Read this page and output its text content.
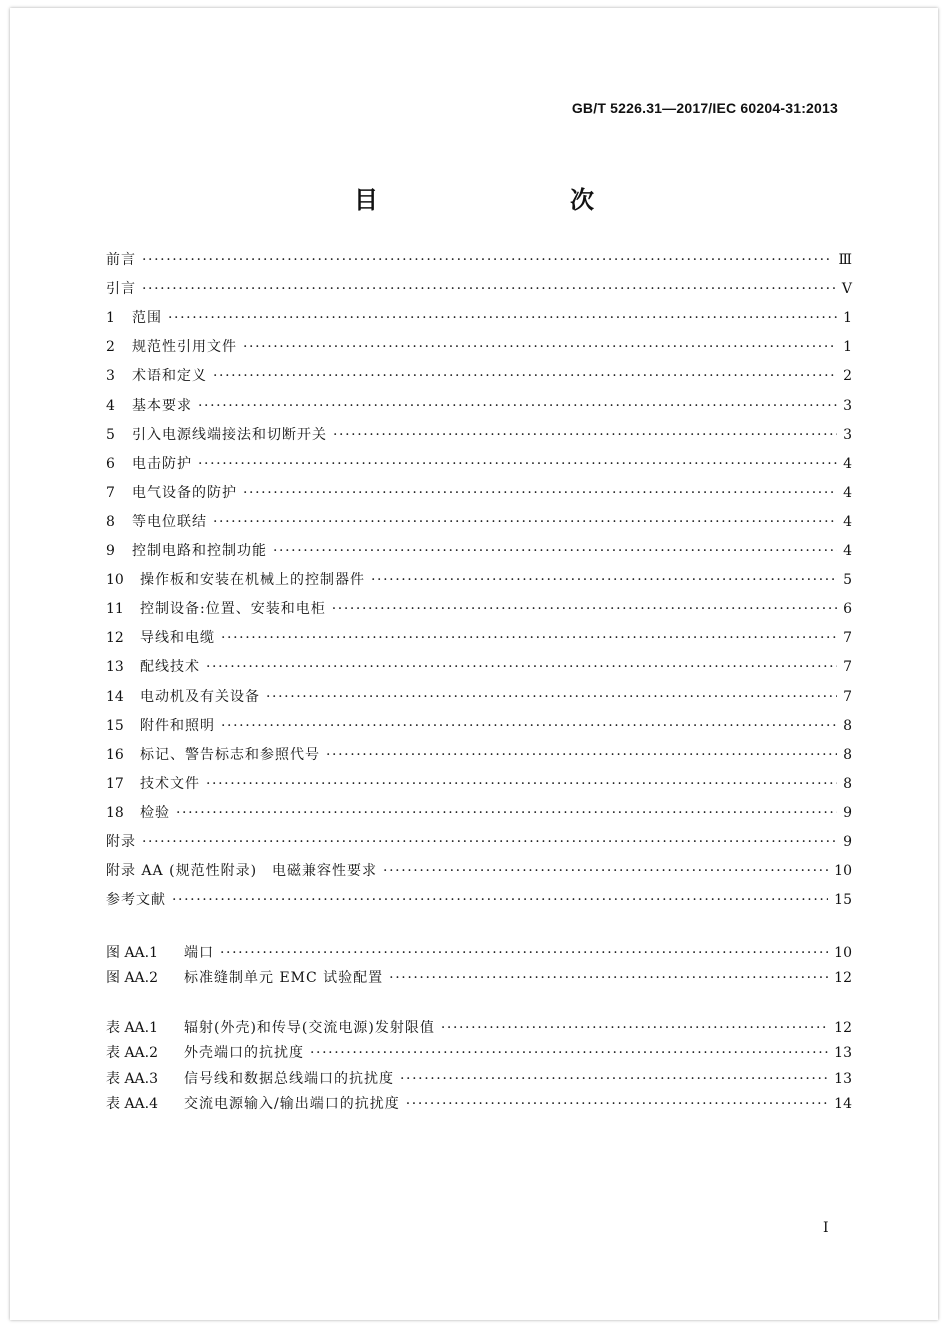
GB/T 5226.31—2017/IEC 60204-31:2013
目　　次
前言 ·····	Ⅲ
引言 ·····	Ⅴ
1	范围 ·····	1
2	规范性引用文件 ·····	1
3	术语和定义 ·····	2
4	基本要求 ·····	3
5	引入电源线端接法和切断开关 ·····	3
6	电击防护 ·····	4
7	电气设备的防护 ·····	4
8	等电位联结 ·····	4
9	控制电路和控制功能 ·····	4
10	操作板和安装在机械上的控制器件 ·····	5
11	控制设备:位置、安装和电柜 ·····	6
12	导线和电缆 ·····	7
13	配线技术 ·····	7
14	电动机及有关设备 ·····	7
15	附件和照明 ·····	8
16	标记、警告标志和参照代号 ·····	8
17	技术文件 ·····	8
18	检验 ·····	9
附录 ·····	9
附录 AA (规范性附录)　电磁兼容性要求 ·····	10
参考文献 ·····	15
图 AA.1	端口 ·····	10
图 AA.2	标准缝制单元 EMC 试验配置 ·····	12
表 AA.1	辐射(外壳)和传导(交流电源)发射限值 ·····	12
表 AA.2	外壳端口的抗扰度 ·····	13
表 AA.3	信号线和数据总线端口的抗扰度 ·····	13
表 AA.4	交流电源输入/输出端口的抗扰度 ·····	14
I
